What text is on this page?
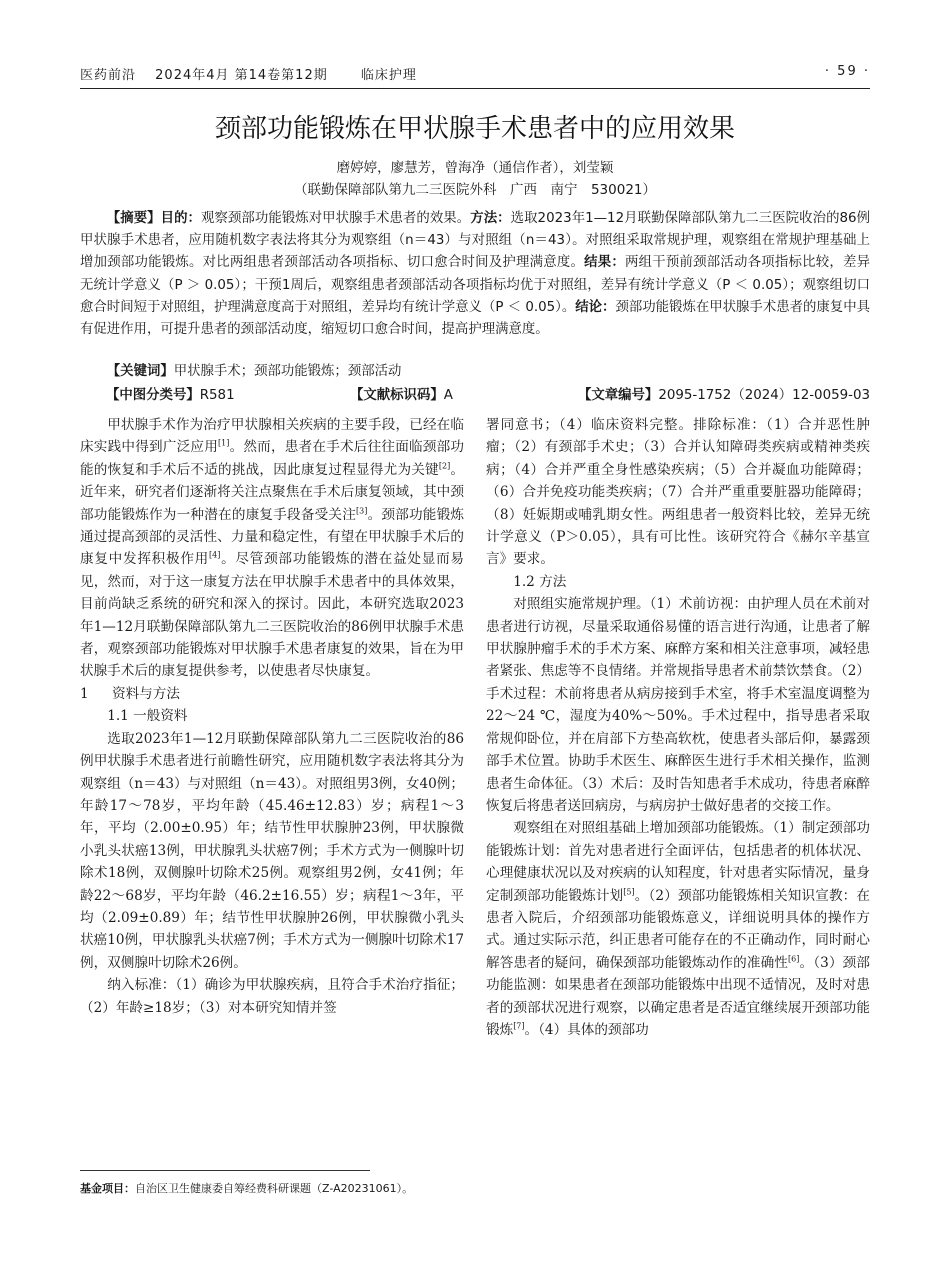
医药前沿 2024年4月 第14卷第12期	临床护理	· 59 ·
颈部功能锻炼在甲状腺手术患者中的应用效果
磨婷婷，廖慧芳，曾海净（通信作者），刘莹颖
（联勤保障部队第九二三医院外科　广西　南宁　530021）

【摘要】目的：观察颈部功能锻炼对甲状腺手术患者的效果。方法：选取2023年1—12月联勤保障部队第九二三医院收治的86例甲状腺手术患者，应用随机数字表法将其分为观察组（n＝43）与对照组（n＝43）。对照组采取常规护理，观察组在常规护理基础上增加颈部功能锻炼。对比两组患者颈部活动各项指标、切口愈合时间及护理满意度。结果：两组干预前颈部活动各项指标比较，差异无统计学意义（P ＞ 0.05）；干预1周后，观察组患者颈部活动各项指标均优于对照组，差异有统计学意义（P ＜ 0.05）；观察组切口愈合时间短于对照组，护理满意度高于对照组，差异均有统计学意义（P ＜ 0.05）。结论：颈部功能锻炼在甲状腺手术患者的康复中具有促进作用，可提升患者的颈部活动度，缩短切口愈合时间，提高护理满意度。

【关键词】甲状腺手术；颈部功能锻炼；颈部活动
【中图分类号】R581	【文献标识码】A	【文章编号】2095-1752（2024）12-0059-03

甲状腺手术作为治疗甲状腺相关疾病的主要手段，已经在临床实践中得到广泛应用[1]。然而，患者在手术后往往面临颈部功能的恢复和手术后不适的挑战，因此康复过程显得尤为关键[2]。近年来，研究者们逐渐将关注点聚焦在手术后康复领域，其中颈部功能锻炼作为一种潜在的康复手段备受关注[3]。颈部功能锻炼通过提高颈部的灵活性、力量和稳定性，有望在甲状腺手术后的康复中发挥积极作用[4]。尽管颈部功能锻炼的潜在益处显而易见，然而，对于这一康复方法在甲状腺手术患者中的具体效果，目前尚缺乏系统的研究和深入的探讨。因此，本研究选取2023年1—12月联勤保障部队第九二三医院收治的86例甲状腺手术患者，观察颈部功能锻炼对甲状腺手术患者康复的效果，旨在为甲状腺手术后的康复提供参考，以使患者尽快康复。

1 资料与方法
1.1 一般资料

选取2023年1—12月联勤保障部队第九二三医院收治的86例甲状腺手术患者进行前瞻性研究，应用随机数字表法将其分为观察组（n＝43）与对照组（n＝43）。对照组男3例，女40例；年龄17～78岁，平均年龄（45.46±12.83）岁；病程1～3年，平均（2.00±0.95）年；结节性甲状腺肿23例，甲状腺微小乳头状癌13例，甲状腺乳头状癌7例；手术方式为一侧腺叶切除术18例，双侧腺叶切除术25例。观察组男2例，女41例；年龄22～68岁，平均年龄（46.2±16.55）岁；病程1～3年，平均（2.09±0.89）年；结节性甲状腺肿26例，甲状腺微小乳头状癌10例，甲状腺乳头状癌7例；手术方式为一侧腺叶切除术17例，双侧腺叶切除术26例。

纳入标准：（1）确诊为甲状腺疾病，且符合手术治疗指征；（2）年龄≥18岁；（3）对本研究知情并签

署同意书；（4）临床资料完整。排除标准：（1）合并恶性肿瘤；（2）有颈部手术史；（3）合并认知障碍类疾病或精神类疾病；（4）合并严重全身性感染疾病；（5）合并凝血功能障碍；（6）合并免疫功能类疾病；（7）合并严重重要脏器功能障碍；（8）妊娠期或哺乳期女性。两组患者一般资料比较，差异无统计学意义（P＞0.05），具有可比性。该研究符合《赫尔辛基宣言》要求。

1.2 方法

对照组实施常规护理。（1）术前访视：由护理人员在术前对患者进行访视，尽量采取通俗易懂的语言进行沟通，让患者了解甲状腺肿瘤手术的手术方案、麻醉方案和相关注意事项，减轻患者紧张、焦虑等不良情绪。并常规指导患者术前禁饮禁食。（2）手术过程：术前将患者从病房接到手术室，将手术室温度调整为22～24 ℃，湿度为40%～50%。手术过程中，指导患者采取常规仰卧位，并在肩部下方垫高软枕，使患者头部后仰，暴露颈部手术位置。协助手术医生、麻醉医生进行手术相关操作，监测患者生命体征。（3）术后：及时告知患者手术成功，待患者麻醉恢复后将患者送回病房，与病房护士做好患者的交接工作。

观察组在对照组基础上增加颈部功能锻炼。（1）制定颈部功能锻炼计划：首先对患者进行全面评估，包括患者的机体状况、心理健康状况以及对疾病的认知程度，针对患者实际情况，量身定制颈部功能锻炼计划[5]。（2）颈部功能锻炼相关知识宣教：在患者入院后，介绍颈部功能锻炼意义，详细说明具体的操作方式。通过实际示范，纠正患者可能存在的不正确动作，同时耐心解答患者的疑问，确保颈部功能锻炼动作的准确性[6]。（3）颈部功能监测：如果患者在颈部功能锻炼中出现不适情况，及时对患者的颈部状况进行观察，以确定患者是否适宜继续展开颈部功能锻炼[7]。（4）具体的颈部功

基金项目：自治区卫生健康委自筹经费科研课题（Z-A20231061）。
